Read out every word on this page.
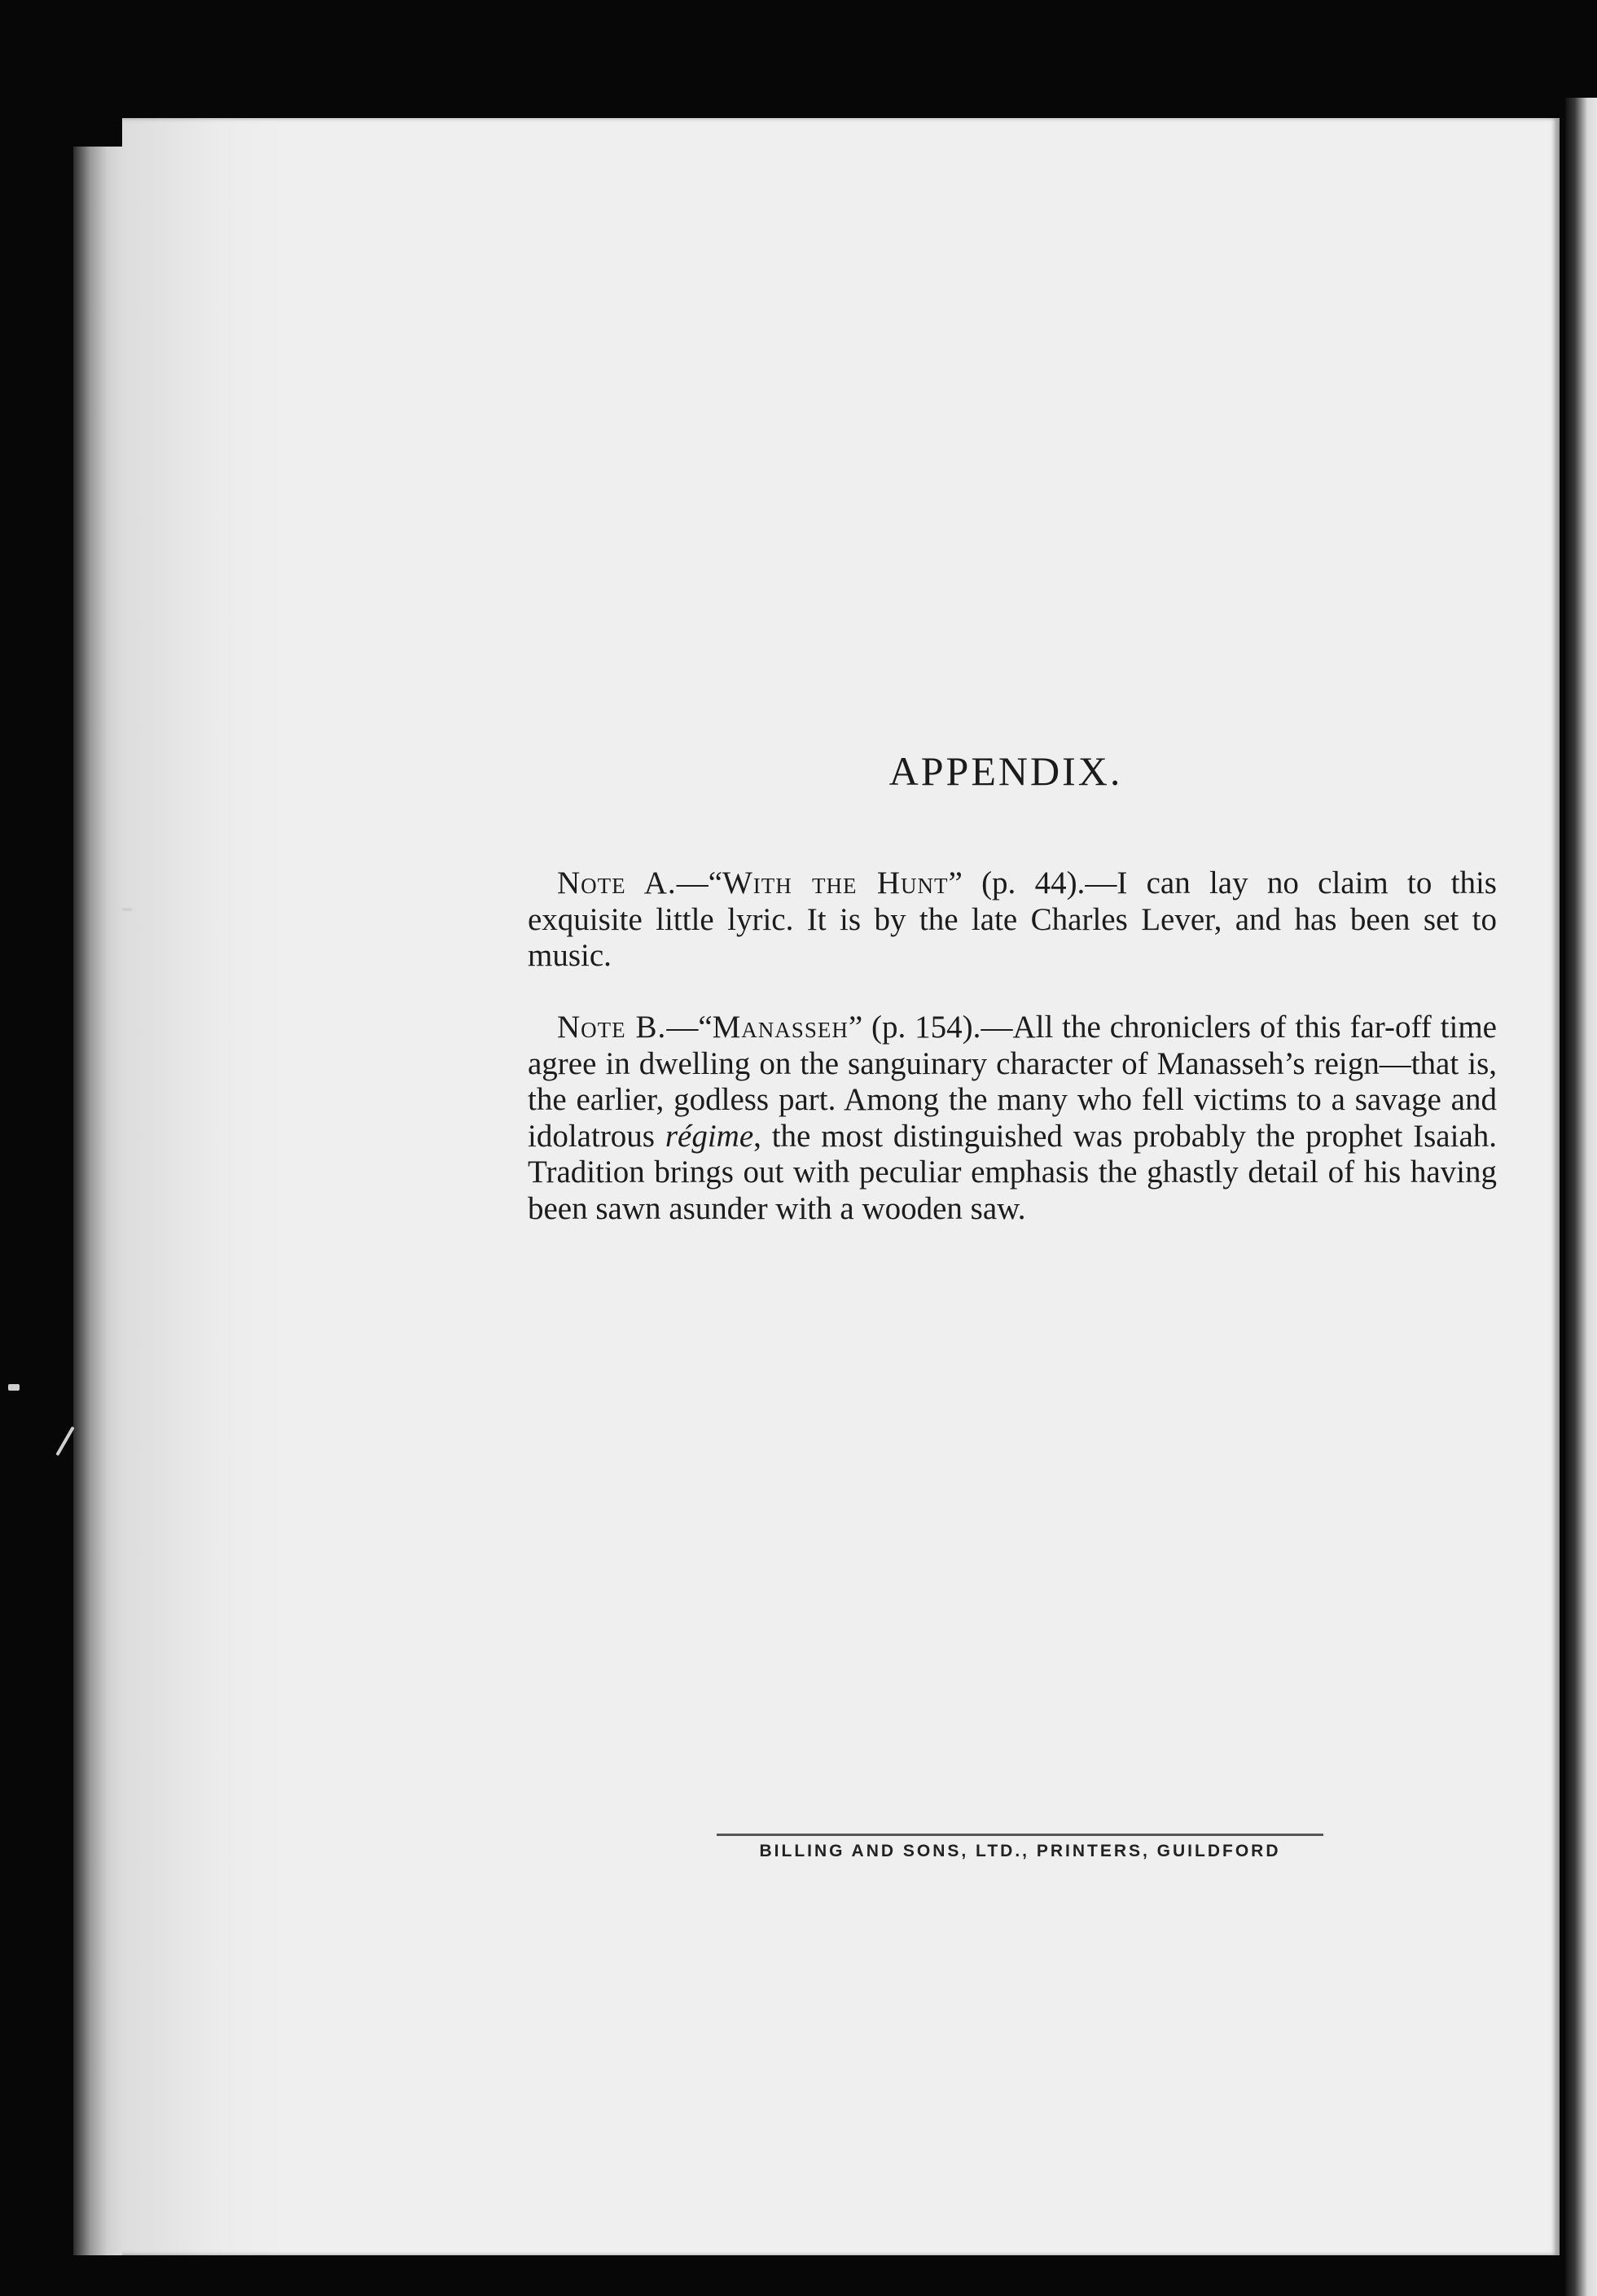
APPENDIX.

Note A.—“With the Hunt” (p. 44).—I can lay no claim to this exquisite little lyric. It is by the late Charles Lever, and has been set to music.

Note B.—“Manasseh” (p. 154).—All the chroniclers of this far-off time agree in dwelling on the sanguinary character of Manasseh’s reign—that is, the earlier, godless part. Among the many who fell victims to a savage and idolatrous régime, the most distinguished was probably the prophet Isaiah. Tradition brings out with peculiar emphasis the ghastly detail of his having been sawn asunder with a wooden saw.

BILLING AND SONS, LTD., PRINTERS, GUILDFORD
